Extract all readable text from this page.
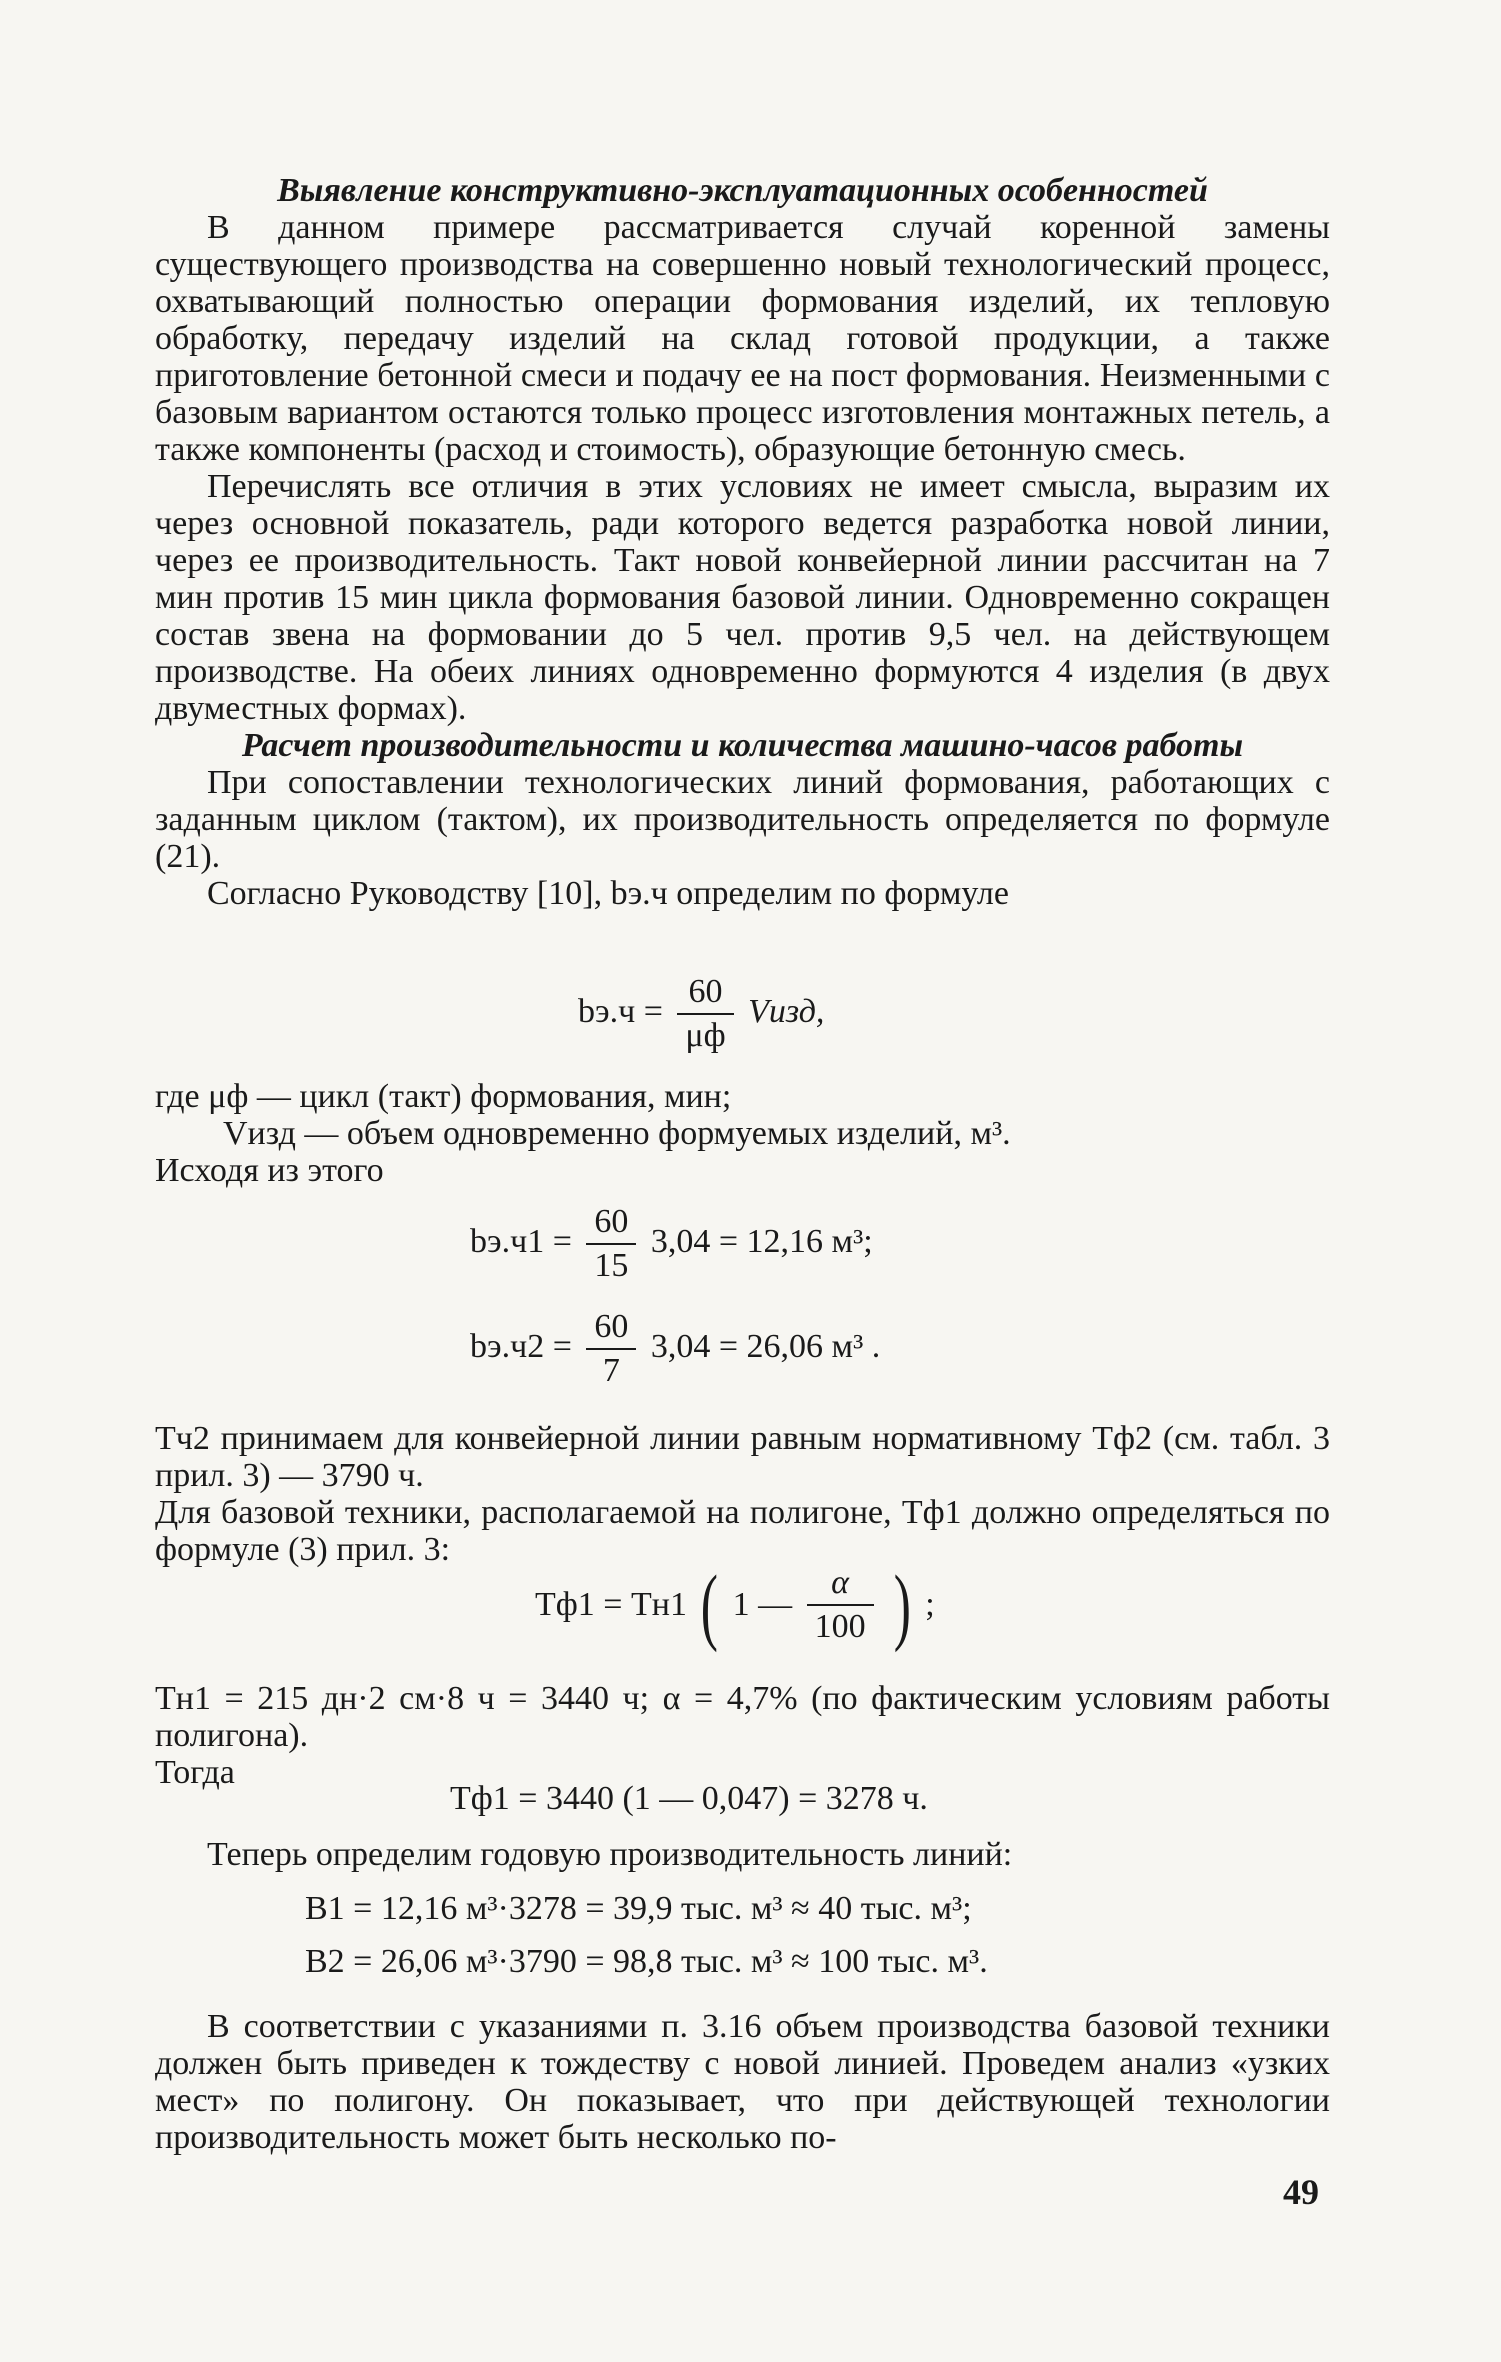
Выявление конструктивно-эксплуатационных особенностей

В данном примере рассматривается случай коренной замены существующего производства на совершенно новый технологический процесс, охватывающий полностью операции формования изделий, их тепловую обработку, передачу изделий на склад готовой продукции, а также приготовление бетонной смеси и подачу ее на пост формования. Неизменными с базовым вариантом остаются только процесс изготовления монтажных петель, а также компоненты (расход и стоимость), образующие бетонную смесь.

Перечислять все отличия в этих условиях не имеет смысла, выразим их через основной показатель, ради которого ведется разработка новой линии, через ее производительность. Такт новой конвейерной линии рассчитан на 7 мин против 15 мин цикла формования базовой линии. Одновременно сокращен состав звена на формовании до 5 чел. против 9,5 чел. на действующем производстве. На обеих линиях одновременно формуются 4 изделия (в двух двуместных формах).

Расчет производительности и количества машино-часов работы

При сопоставлении технологических линий формования, работающих с заданным циклом (тактом), их производительность определяется по формуле (21).

Согласно Руководству [10], bэ.ч определим по формуле

$bэ.ч = \frac{60}{\mu ф}$ Vизд,

где μф — цикл (такт) формования, мин;

Vизд — объем одновременно формуемых изделий, м³.

Исходя из этого

$bэ.ч1 = \frac{60}{15} 3,04 = 12,16$ м³;
$bэ.ч2 = \frac{60}{7} 3,04 = 26,06$ м³ .

Тч2 принимаем для конвейерной линии равным нормативному Тф2 (см. табл. 3 прил. 3) — 3790 ч.

Для базовой техники, располагаемой на полигоне, Тф1 должно определяться по формуле (3) прил. 3:

Тф1 = Тн1 ( 1 — $\frac{\alpha}{100}$ ) ;

Тн1 = 215 дн·2 см·8 ч = 3440 ч; α = 4,7% (по фактическим условиям работы полигона).

Тогда

Тф1 = 3440 (1 — 0,047) = 3278 ч.

Теперь определим годовую производительность линий:

В1 = 12,16 м³·3278 = 39,9 тыс. м³ ≈ 40 тыс. м³;
В2 = 26,06 м³·3790 = 98,8 тыс. м³ ≈ 100 тыс. м³.

В соответствии с указаниями п. 3.16 объем производства базовой техники должен быть приведен к тождеству с новой линией. Проведем анализ «узких мест» по полигону. Он показывает, что при действующей технологии производительность может быть несколько по-

49
